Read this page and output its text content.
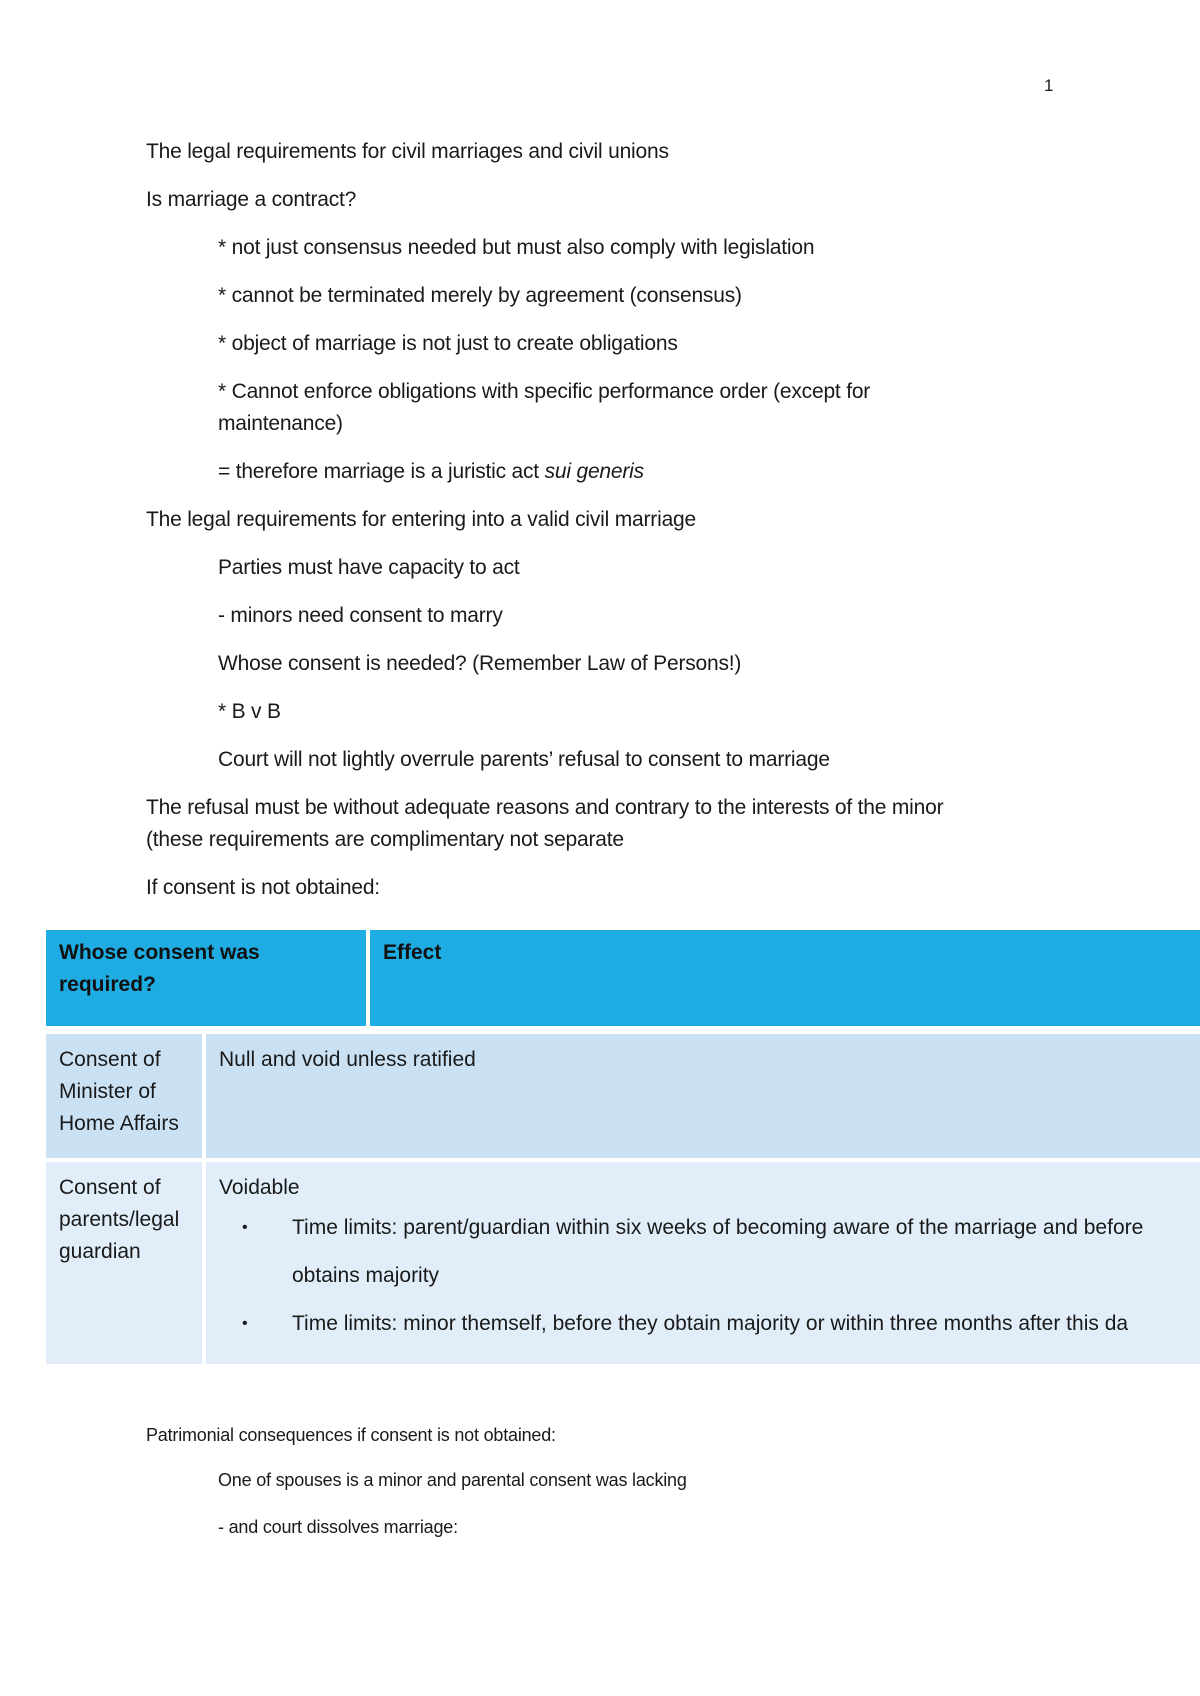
1

The legal requirements for civil marriages and civil unions

Is marriage a contract?

* not just consensus needed but must also comply with legislation

* cannot be terminated merely by agreement (consensus)

* object of marriage is not just to create obligations

* Cannot enforce obligations with specific performance order (except for

maintenance)

= therefore marriage is a juristic act sui generis

The legal requirements for entering into a valid civil marriage

Parties must have capacity to act

- minors need consent to marry

Whose consent is needed? (Remember Law of Persons!)

* B v B

Court will not lightly overrule parents’ refusal to consent to marriage

The refusal must be without adequate reasons and contrary to the interests of the minor

(these requirements are complimentary not separate

If consent is not obtained:

Whose consent was required?
Effect
Consent of Minister of Home Affairs
Null and void unless ratified
Consent of parents/legal guardian
Voidable
• Time limits: parent/guardian within six weeks of becoming aware of the marriage and before
obtains majority
• Time limits: minor themself, before they obtain majority or within three months after this da

Patrimonial consequences if consent is not obtained:

One of spouses is a minor and parental consent was lacking

- and court dissolves marriage:
